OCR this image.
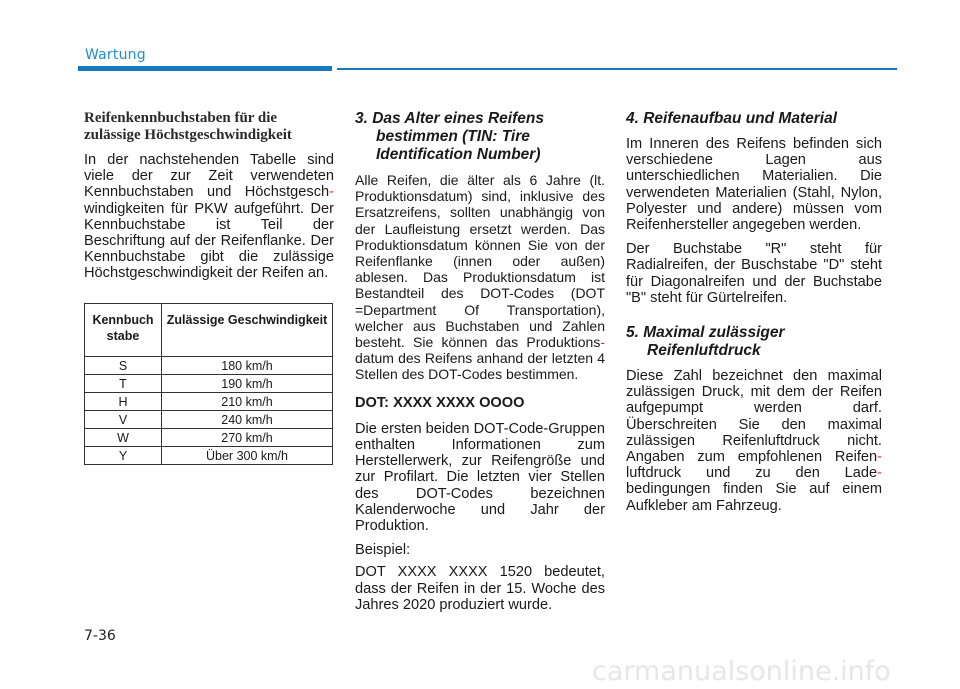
Wartung
Reifenkennbuchstaben für die
zulässige Höchstgeschwindigkeit

In der nachstehenden Tabelle sind viele der zur Zeit verwendeten Kennbuchstaben und Höchstgesch- windigkeiten für PKW aufgeführt. Der Kennbuchstabe ist Teil der Beschriftung auf der Reifenflanke. Der Kennbuchstabe gibt die zulässige Höchstgeschwindigkeit der Reifen an.

Kennbuch stabe	Zulässige Geschwindigkeit
S	180 km/h
T	190 km/h
H	210 km/h
V	240 km/h
W	270 km/h
Y	Über 300 km/h
3. Das Alter eines Reifens
bestimmen (TIN: Tire
Identification Number)

Alle Reifen, die älter als 6 Jahre (lt. Produktionsdatum) sind, inklusive des Ersatzreifens, sollten unabhängig von der Laufleistung ersetzt werden. Das Produktionsdatum können Sie von der Reifenflanke (innen oder außen) ablesen. Das Produktionsdatum ist Bestandteil des DOT-Codes (DOT =Department Of Transportation), welcher aus Buchstaben und Zahlen besteht. Sie können das Produktions- datum des Reifens anhand der letzten 4 Stellen des DOT-Codes bestimmen.

DOT: XXXX XXXX OOOO

Die ersten beiden DOT-Code-Gruppen enthalten Informationen zum Herstellerwerk, zur Reifengröße und zur Profilart. Die letzten vier Stellen des DOT-Codes bezeichnen Kalenderwoche und Jahr der Produktion.

Beispiel:

DOT XXXX XXXX 1520 bedeutet, dass der Reifen in der 15. Woche des Jahres 2020 produziert wurde.

4. Reifenaufbau und Material

Im Inneren des Reifens befinden sich verschiedene Lagen aus unterschiedlichen Materialien. Die verwendeten Materialien (Stahl, Nylon, Polyester und andere) müssen vom Reifenhersteller angegeben werden.

Der Buchstabe "R" steht für Radialreifen, der Buschstabe "D" steht für Diagonalreifen und der Buchstabe "B" steht für Gürtelreifen.

5. Maximal zulässiger
Reifenluftdruck

Diese Zahl bezeichnet den maximal zulässigen Druck, mit dem der Reifen aufgepumpt werden darf. Überschreiten Sie den maximal zulässigen Reifenluftdruck nicht. Angaben zum empfohlenen Reifen- luftdruck und zu den Lade- bedingungen finden Sie auf einem Aufkleber am Fahrzeug.

7-36
carmanualsonline.info
